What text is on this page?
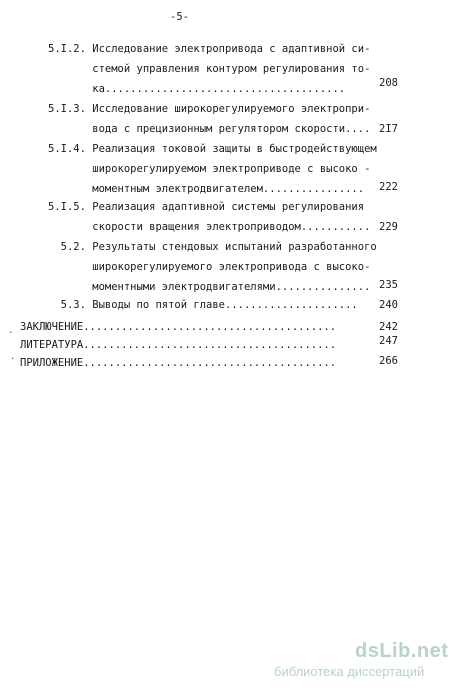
-5-
5.I.2. Исследование электропривода с адаптивной си-
стемой управления контуром регулирования то-
ка......................................	208
5.I.3. Исследование широкорегулируемого электропри-
вода с прецизионным регулятором скорости.... 2I7
5.I.4. Реализация токовой защиты в быстродействующем
широкорегулируемом электроприводе с высоко -
моментным электродвигателем................	222
5.I.5. Реализация адаптивной системы регулирования
скорости вращения электроприводом........... 229
5.2. Результаты стендовых испытаний разработанного
широкорегулируемого электропривода с высоко-
моментными электродвигателями............... 235
5.3. Выводы по пятой главе.....................	240
ЗАКЛЮЧЕНИЕ........................................	242
ЛИТЕРАТУРА........................................	247
ПРИЛОЖЕНИЕ........................................	266
.
.
dsLib.net
библиотека диссертаций
